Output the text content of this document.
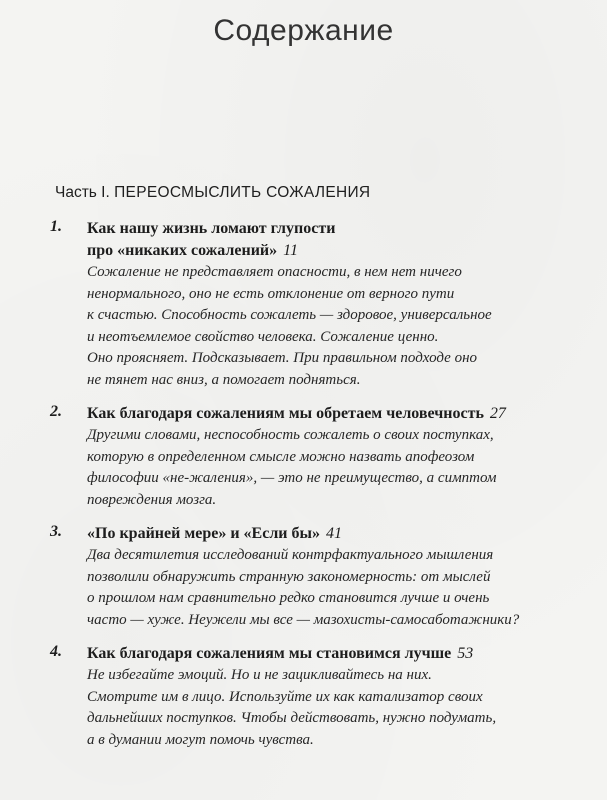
Содержание
Часть I. ПЕРЕОСМЫСЛИТЬ СОЖАЛЕНИЯ
1. Как нашу жизнь ломают глупости
про «никаких сожалений» 11
Сожаление не представляет опасности, в нем нет ничего
ненормального, оно не есть отклонение от верного пути
к счастью. Способность сожалеть — здоровое, универсальное
и неотъемлемое свойство человека. Сожаление ценно.
Оно проясняет. Подсказывает. При правильном подходе оно
не тянет нас вниз, а помогает подняться.
2. Как благодаря сожалениям мы обретаем человечность 27
Другими словами, неспособность сожалеть о своих поступках,
которую в определенном смысле можно назвать апофеозом
философии «не-жаления», — это не преимущество, а симптом
повреждения мозга.
3. «По крайней мере» и «Если бы» 41
Два десятилетия исследований контрфактуального мышления
позволили обнаружить странную закономерность: от мыслей
о прошлом нам сравнительно редко становится лучше и очень
часто — хуже. Неужели мы все — мазохисты-самосаботажники?
4. Как благодаря сожалениям мы становимся лучше 53
Не избегайте эмоций. Но и не зацикливайтесь на них.
Смотрите им в лицо. Используйте их как катализатор своих
дальнейших поступков. Чтобы действовать, нужно подумать,
а в думании могут помочь чувства.
